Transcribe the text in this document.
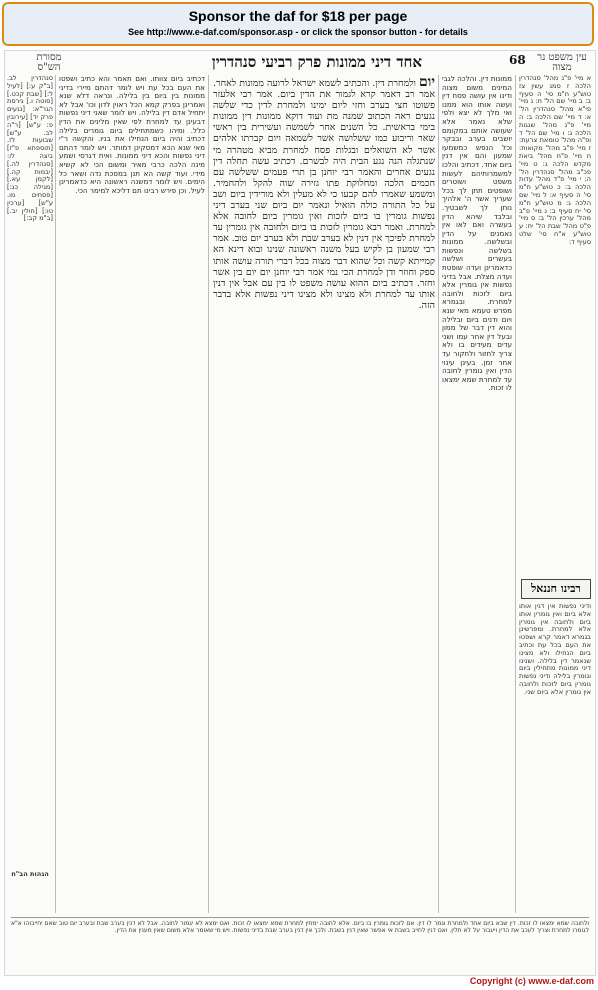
Sponsor the daf for $18 per page
See http://www.e-daf.com/sponsor.asp - or click the sponsor button - for details
מסורת הש"ס	אחד דיני ממונות פרק רביעי סנהדרין	68 עין משפט נר מצוה

סנהדרין לב. [ב"ק ע:] [לעיל ל:] [שבת קכט.] [סוטה ו.] גירסת הגר"א: [נגעים פרק יד] [עירובין פ: ע"ש] [ר"ה לב. ע"ש] שבועות לז. [תוספתא פ"ז] ביצה לו: [סנהדרין לה.] [יבמות קה.] [לקמן עא.] [מגילה כג:] [פסחים מו. ע"ש] [ערכין טו:] [חולין יב.] [ב"מ קב:]

הגהות הב"ח

דכתיב ביום צוותו. ואם תאמר והא כתיב ושפטו את העם בכל עת ויש לומר דהתם מיירי בדיני ממונות בין ביום בין בלילה. ונראה דלא שנא ואמרינן בפרק קמא הכל ראוין לדון וכו' אבל לא יתחיל אדם דין בלילה. ויש לומר שאני דיני נפשות דבעינן עד למחרת לפי שאין מלינים את הדין כלל. ומיהו כשמתחילים ביום גומרים בלילה דכתיב והיה ביום הנחילו את בניו. והקשה ר"י מאי שנא הכא דמסקינן דמותר. ויש לומר דהתם דיני נפשות והכא דיני ממונות. ואית דגרסי ושמע מינה הלכה כרבי מאיר ומשום הכי לא קשיא מידי. ועוד קשה הא תנן במסכת נדה ושאר כל הימים. ויש לומר דמשנה ראשונה היא כדאמרינן לעיל. וכן פירש רבינו תם דליכא למימר הכי.

יום ולמחרת דין. והכתיב לשמא ישראל לרועה ממונות לאחר. אמר רב דאמר קרא לגמור את הדין ביום. אמר רבי אלעזר פשוטו חצי בערב וחזי ליום ימינו ולמחרת לדין כדי שלשה נגעים ראה הכתוב שמנה מת ועוד דוקא ממונות דין ממונות בימי בראשית. כל השנים אחר לשמשה ועשירית בין ראשי שאר וריבוע כמו ששלושה אשר לשמאה ויום קברתו אלהים אשר לא השואלים ובגלות פסח למחרת מביא מטהרה מי שנתגלה הנה נגע הבית היה לבשרם. דכתיב עשה תחלה דין נגעים אחרים והאמר רבי יוחנן בן תרי פעמים ששלשה עם חכמים הלכה ומחלוקת פתו גזירה שוה להקל ולהחמיר. ומשמע שאמרו להם קבעו כי לא מעלין ולא מורידין ביום ושב על כל התורה כולה הואיל ונאמר יום ביום שני בערב דיני נפשות גומרין בו ביום לזכות ואין גומרין ביום לחובה אלא למחרת. ואמר רבא גומרין לזכות בו ביום ולחובה אין גומרין עד למחרת לפיכך אין דנין לא בערב שבת ולא בערב יום טוב. אמר רבי שמעון בן לקיש בעל משנה ראשונה שנינו ובוא דינא הא קמייתא קשה וכל שהוא דבר מצוה בכל דברי תורה עושה אותו ספק וחוזר ודן למחרת הכי נמי אמר רבי יוחנן יום יום בין אשר וחזר. דכתיב ביום ההוא עושה משפט לו בין עם אבל אין דנין אותו עד למחרת ולא מצינו ולא מצינו דיני נפשות אלא בדבר הזה.

ממונות דין. והלכה לגבי המינים משום מצוה ודינו אין עושה פסח דין ועשה אותו הוא ממנו ואי מלך לא יצא ולפי שלא נאמר אלא שעושה אותם במקומם יושבים בערב ובבקר וכל הנפש כמשמעו שמעון והם אין דנין ביום אחד. דכתיב והלכו למשמרותיהם לעשות משפט ושוטרים ושופטים תתן לך בכל שעריך אשר ה' אלהיך נותן לך לשבטיך. ובלבד שיהא הדין בעשרה ואם לאו אין נאמנים על הדין ובשלשה. ממונות בשלשה ונפשות בעשרים ושלשה כדאמרינן ועדה שופטת ועדה מצלת. אבל בדיני נפשות אין גומרין אלא ביום לזכות ולחובה למחרת. ובגמרא מפרש טעמא מאי שנא ויום ודנים ביום ובלילה והוא דין דבר של ממון ובעל דין אחר עמו ושני עדים מעידים בו ולא צריך לחזור ולחקור עד אחר זמן. בעינן עינוי הדין ואין גומרין לחובה עד למחרת שמא ימצאו לו זכות.

א מיי' פ"ג מהל' סנהדרין הלכה ז סמג עשין צז טוש"ע ח"מ סי' ה סעיף ב: ב מיי' שם הל' ח: ג מיי' פי"א מהל' סנהדרין הל' א: ד מיי' שם הלכה ב: ה מיי' פ"ג מהל' שגגות הלכה ג: ו מיי' שם הל' ד ופ"ה מהל' טומאת צרעת: ז מיי' פ"ב מהל' מקואות: ח מיי' פ"ח מהל' ביאת מקדש הלכה ג: ט מיי' פכ"ב מהל' סנהדרין הל' ה: י מיי' פ"ד מהל' עדות הלכה ב: כ טוש"ע ח"מ סי' ה סעיף א: ל מיי' שם הלכה ג: מ טוש"ע ח"מ סי' יח סעיף ב: נ מיי' פ"ב מהל' ערכין הל' ב: ס מיי' פ"ט מהל' שבת הל' יח: ע טוש"ע א"ח סי' שלט סעיף ד:

רבינו חננאל

ודיני נפשות אין דנין אותו אלא ביום ואין גומרין אותו ביום ולחובה אין גומרין אלא למחרת. ומפרשינן בגמרא דאמר קרא ושפטו את העם בכל עת וכתיב ביום הנחילו ולא מצינו שנאמר דין בלילה. ושנינו דיני ממונות מתחילין ביום וגומרין בלילה ודיני נפשות גומרין ביום לזכות ולחובה אין גומרין אלא ביום שני.

ולחובה שמא ימצאו לו זכות. דין שבא ביום אחד ולמחרת וגמר לו דין. אם לזכות גומרין בו ביום. אלא לחובה ימתין למחרת שמא ימצאו לו זכות. ואם ימצא לא יגמור לחובה. אבל לא דנין בערב שבת ובערב יום טוב שאם יחייבוהו א"א לגומרו למחרת וצריך לעכב את הדין ויעבור על לא תלין. ואם דנין לחייב בשבת אי אפשר שאין דנין בשבת. ולכך אין דנין בערב שבת בדיני נפשות. ויש מי שאומר אלא משום שאין מענין את הדין.

Copyright (c) www.e-daf.com
